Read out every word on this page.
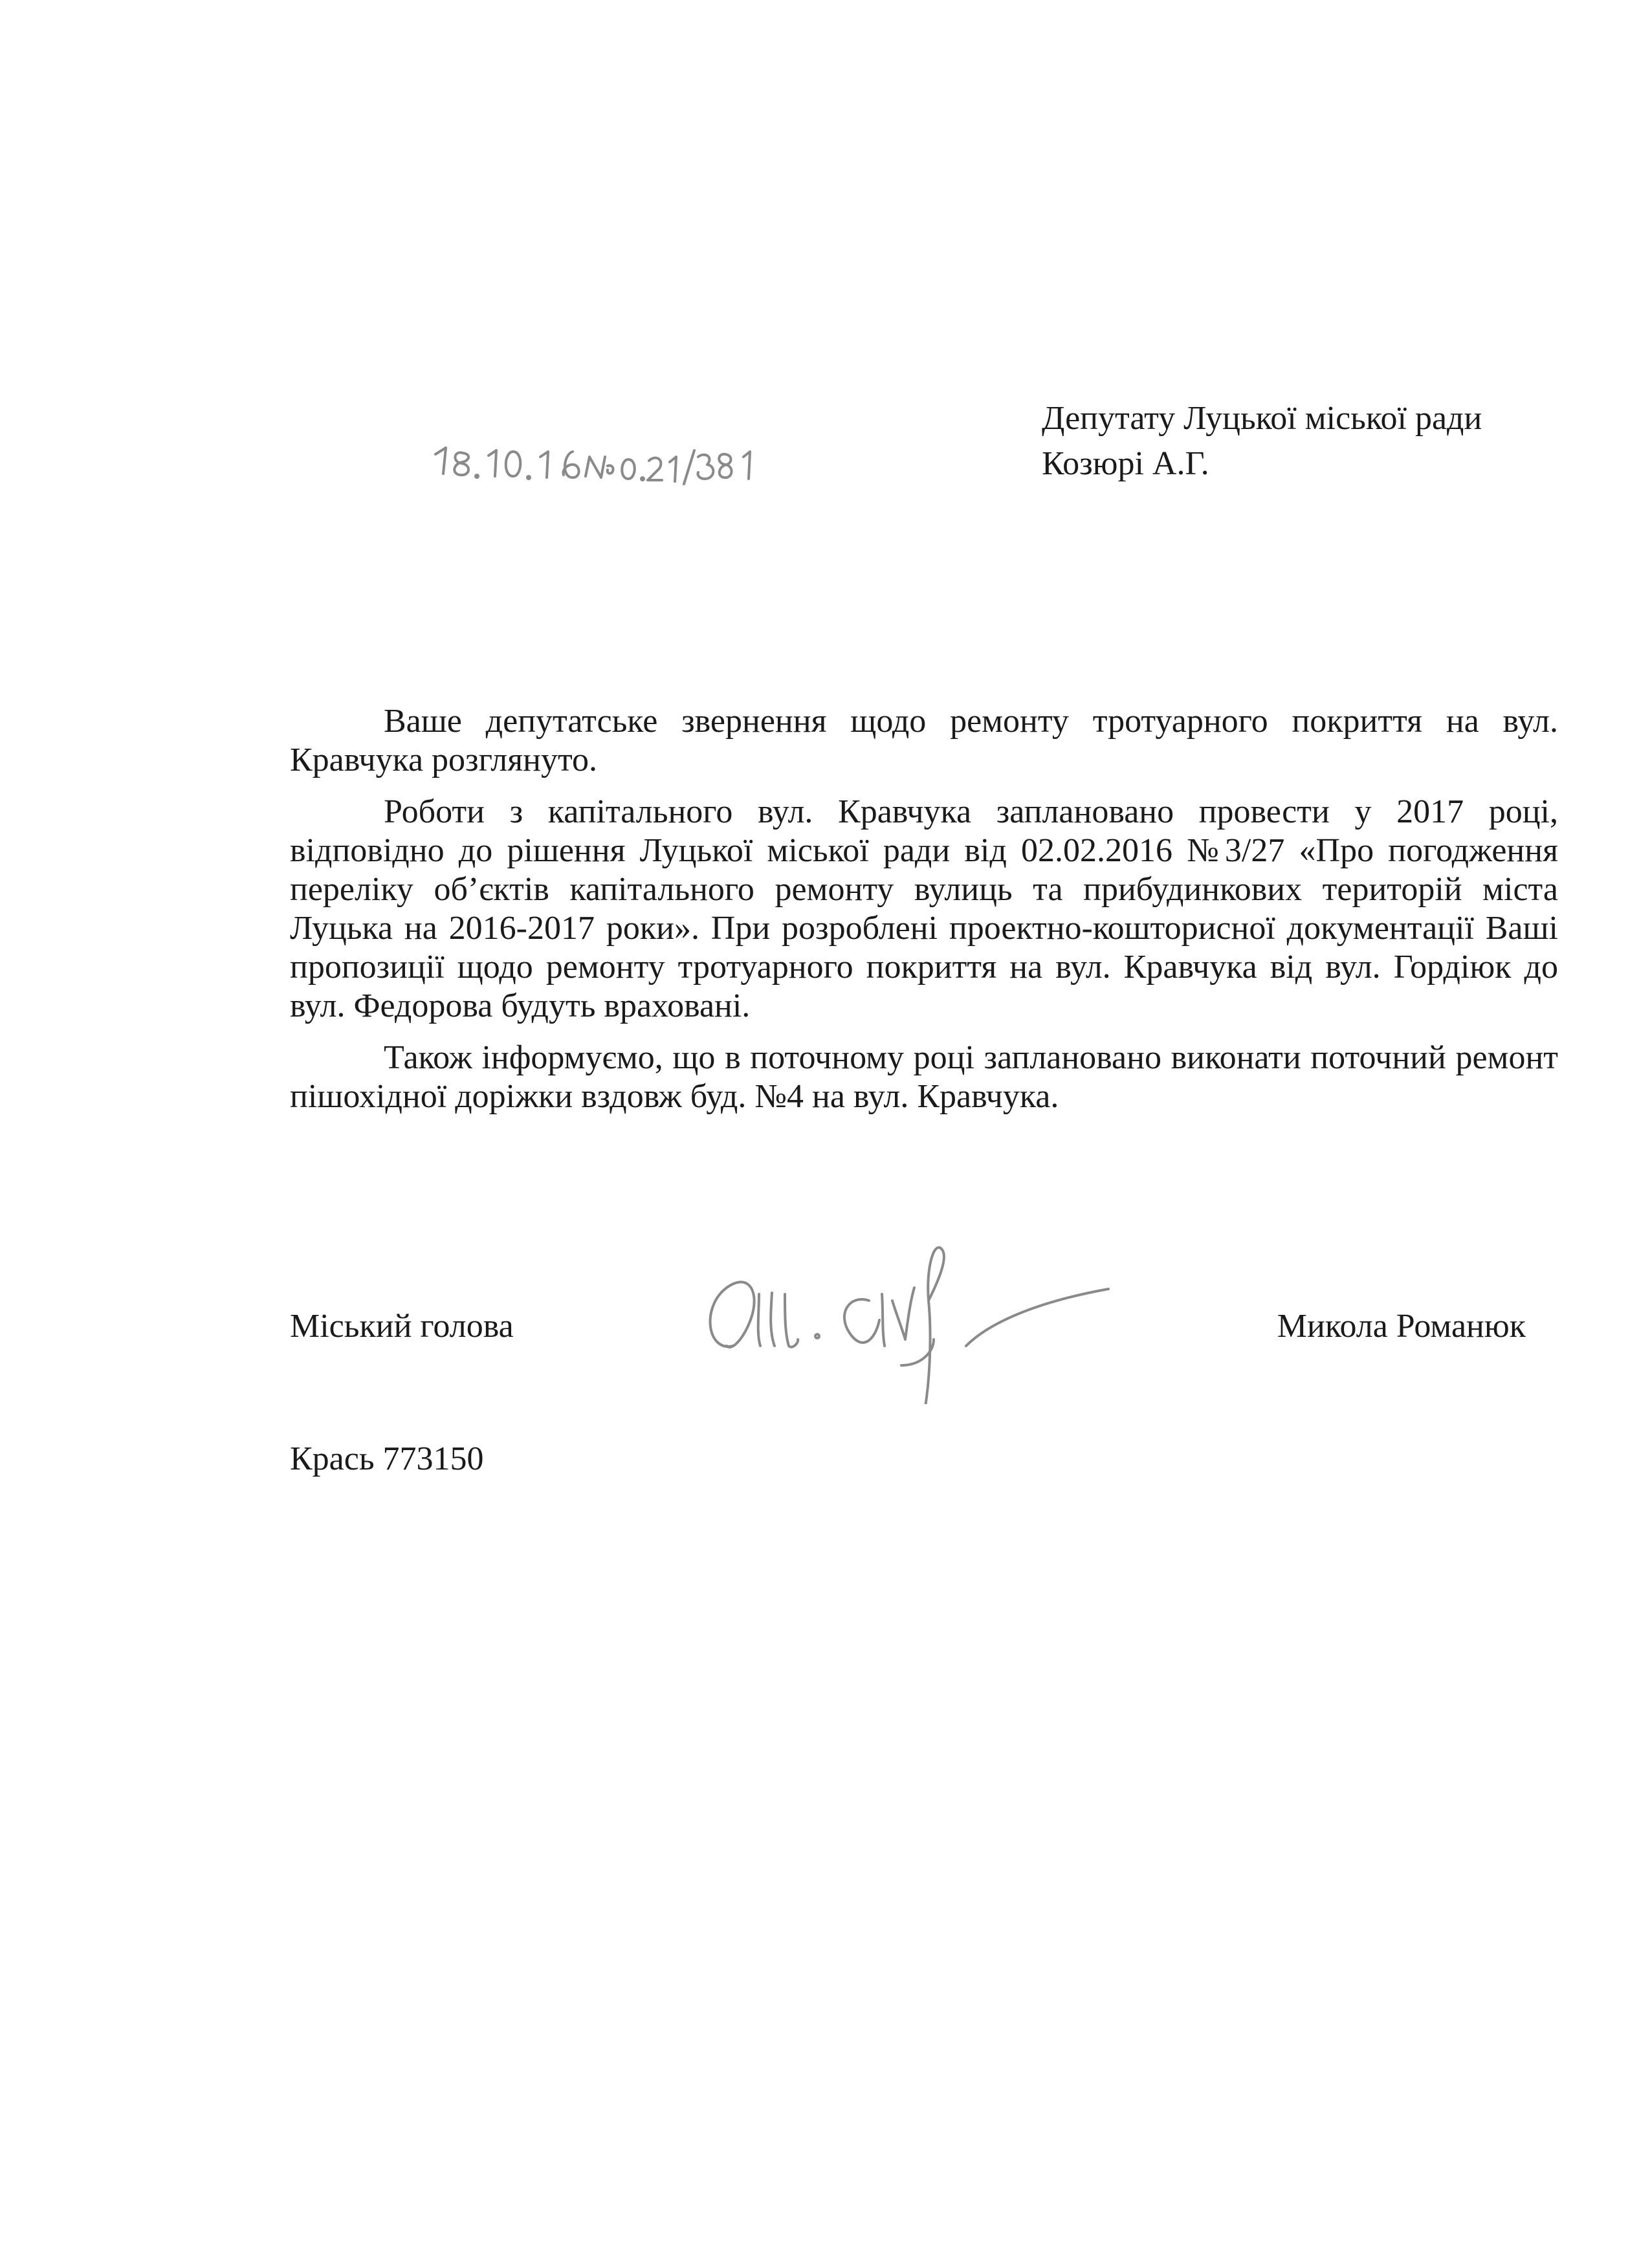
Депутату Луцької міської ради
Козюрі А.Г.

Ваше депутатське звернення щодо ремонту тротуарного покриття на вул. Кравчука розглянуто.

Роботи з капітального вул. Кравчука заплановано провести у 2017 році, відповідно до рішення Луцької міської ради від 02.02.2016 №3/27 «Про погодження переліку об’єктів капітального ремонту вулиць та прибудинкових територій міста Луцька на 2016-2017 роки». При розроблені проектно-кошторисної документації Ваші пропозиції щодо ремонту тротуарного покриття на вул. Кравчука від вул. Гордіюк до вул. Федорова будуть враховані.

Також інформуємо, що в поточному році заплановано виконати поточний ремонт пішохідної доріжки вздовж буд. №4 на вул. Кравчука.

Міський голова	Микола Романюк
Крась 773150
